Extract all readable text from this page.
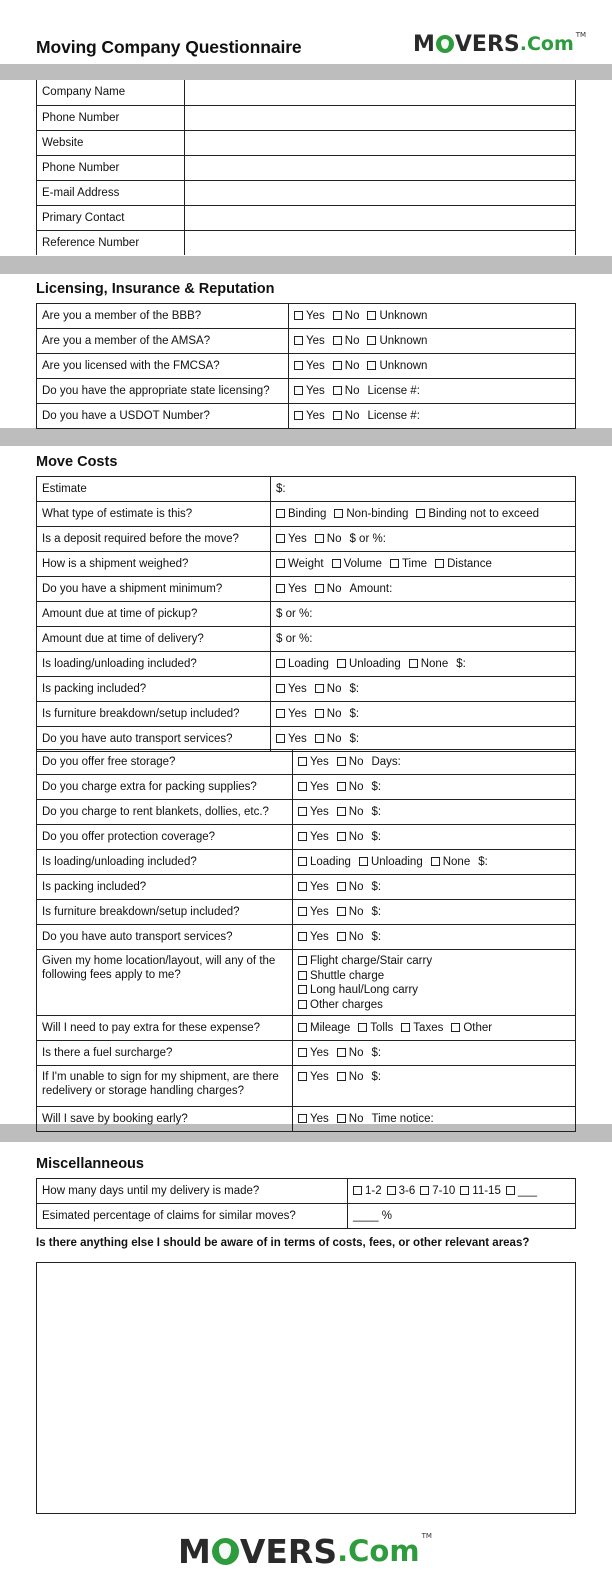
Moving Company Questionnaire	M VERS .Com TM
Company Name	
Phone Number	
Website	
Phone Number	
E-mail Address	
Primary Contact	
Reference Number	
Licensing, Insurance & Reputation
Are you a member of the BBB?	Yes No Unknown
Are you a member of the AMSA?	Yes No Unknown
Are you licensed with the FMCSA?	Yes No Unknown
Do you have the appropriate state licensing?	Yes No License #:
Do you have a USDOT Number?	Yes No License #:
Move Costs
Estimate	$:
What type of estimate is this?	Binding Non-binding Binding not to exceed
Is a deposit required before the move?	Yes No $ or %:
How is a shipment weighed?	Weight Volume Time Distance
Do you have a shipment minimum?	Yes No Amount:
Amount due at time of pickup?	$ or %:
Amount due at time of delivery?	$ or %:
Is loading/unloading included?	Loading Unloading None $:
Is packing included?	Yes No $:
Is furniture breakdown/setup included?	Yes No $:
Do you have auto transport services?	Yes No $:
Do you offer free storage?	Yes No Days:
Do you charge extra for packing supplies?	Yes No $:
Do you charge to rent blankets, dollies, etc.?	Yes No $:
Do you offer protection coverage?	Yes No $:
Is loading/unloading included?	Loading Unloading None $:
Is packing included?	Yes No $:
Is furniture breakdown/setup included?	Yes No $:
Do you have auto transport services?	Yes No $:
Given my home location/layout, will any of the following fees apply to me?	Flight charge/Stair carry
Shuttle charge
Long haul/Long carry
Other charges

Will I need to pay extra for these expense?	Mileage Tolls Taxes Other
Is there a fuel surcharge?	Yes No $:
If I'm unable to sign for my shipment, are there redelivery or storage handling charges?	Yes No $:
Will I save by booking early?	Yes No Time notice:
Miscellanneous
How many days until my delivery is made?	1-2 3-6 7-10 11-15 ___
Esimated percentage of claims for similar moves?	____ %
Is there anything else I should be aware of in terms of costs, fees, or other relevant areas?
M VERS .Com TM
